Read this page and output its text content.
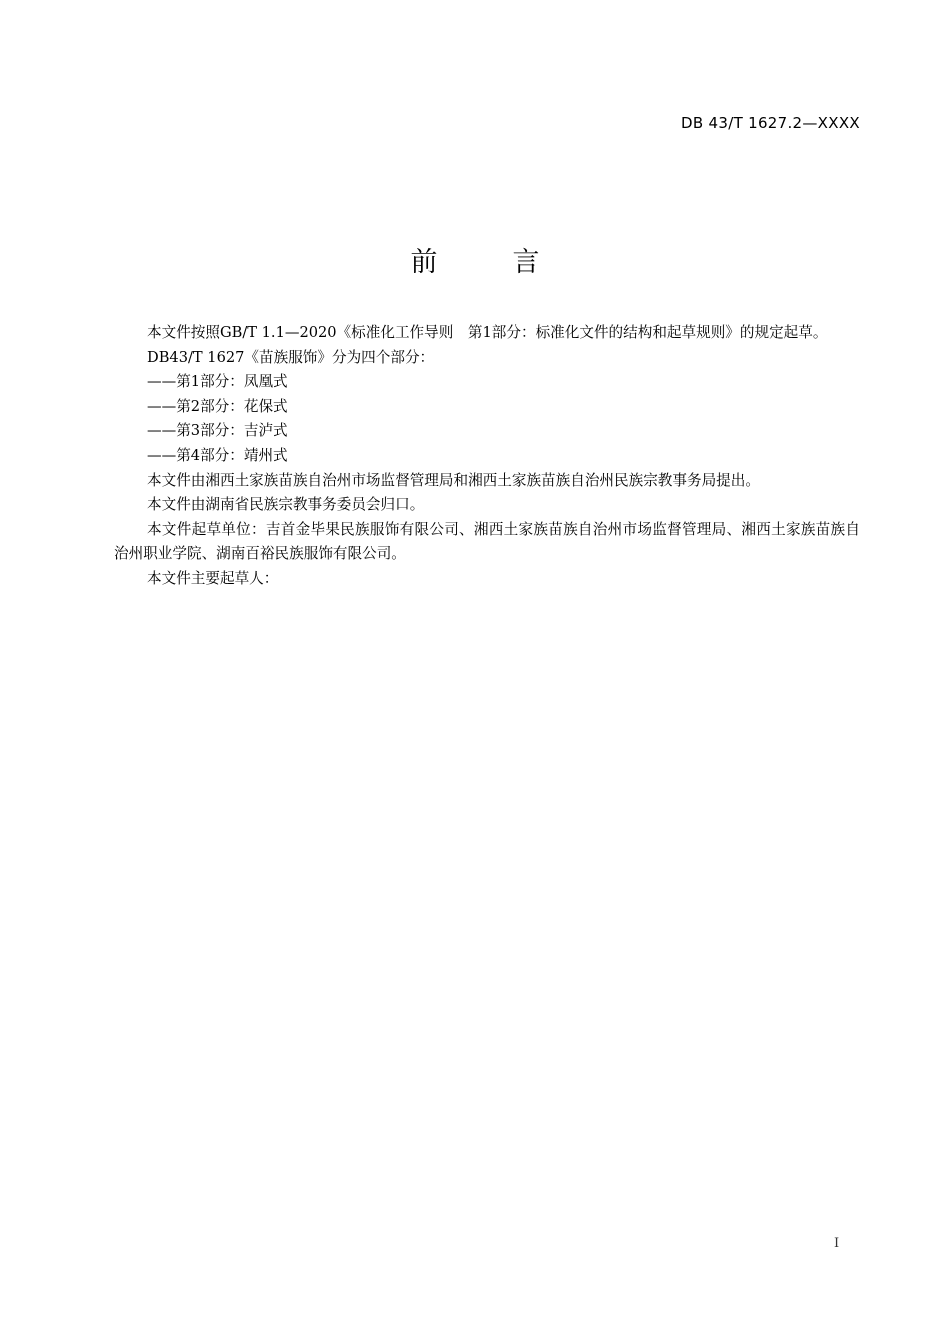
DB 43/T 1627.2—XXXX
前　言

本文件按照GB/T 1.1—2020《标准化工作导则　第1部分：标准化文件的结构和起草规则》的规定起草。

DB43/T 1627《苗族服饰》分为四个部分：

——第1部分：凤凰式

——第2部分：花保式

——第3部分：吉泸式

——第4部分：靖州式

本文件由湘西土家族苗族自治州市场监督管理局和湘西土家族苗族自治州民族宗教事务局提出。

本文件由湖南省民族宗教事务委员会归口。

本文件起草单位：吉首金毕果民族服饰有限公司、湘西土家族苗族自治州市场监督管理局、湘西土家族苗族自治州职业学院、湖南百裕民族服饰有限公司。

本文件主要起草人：

I
